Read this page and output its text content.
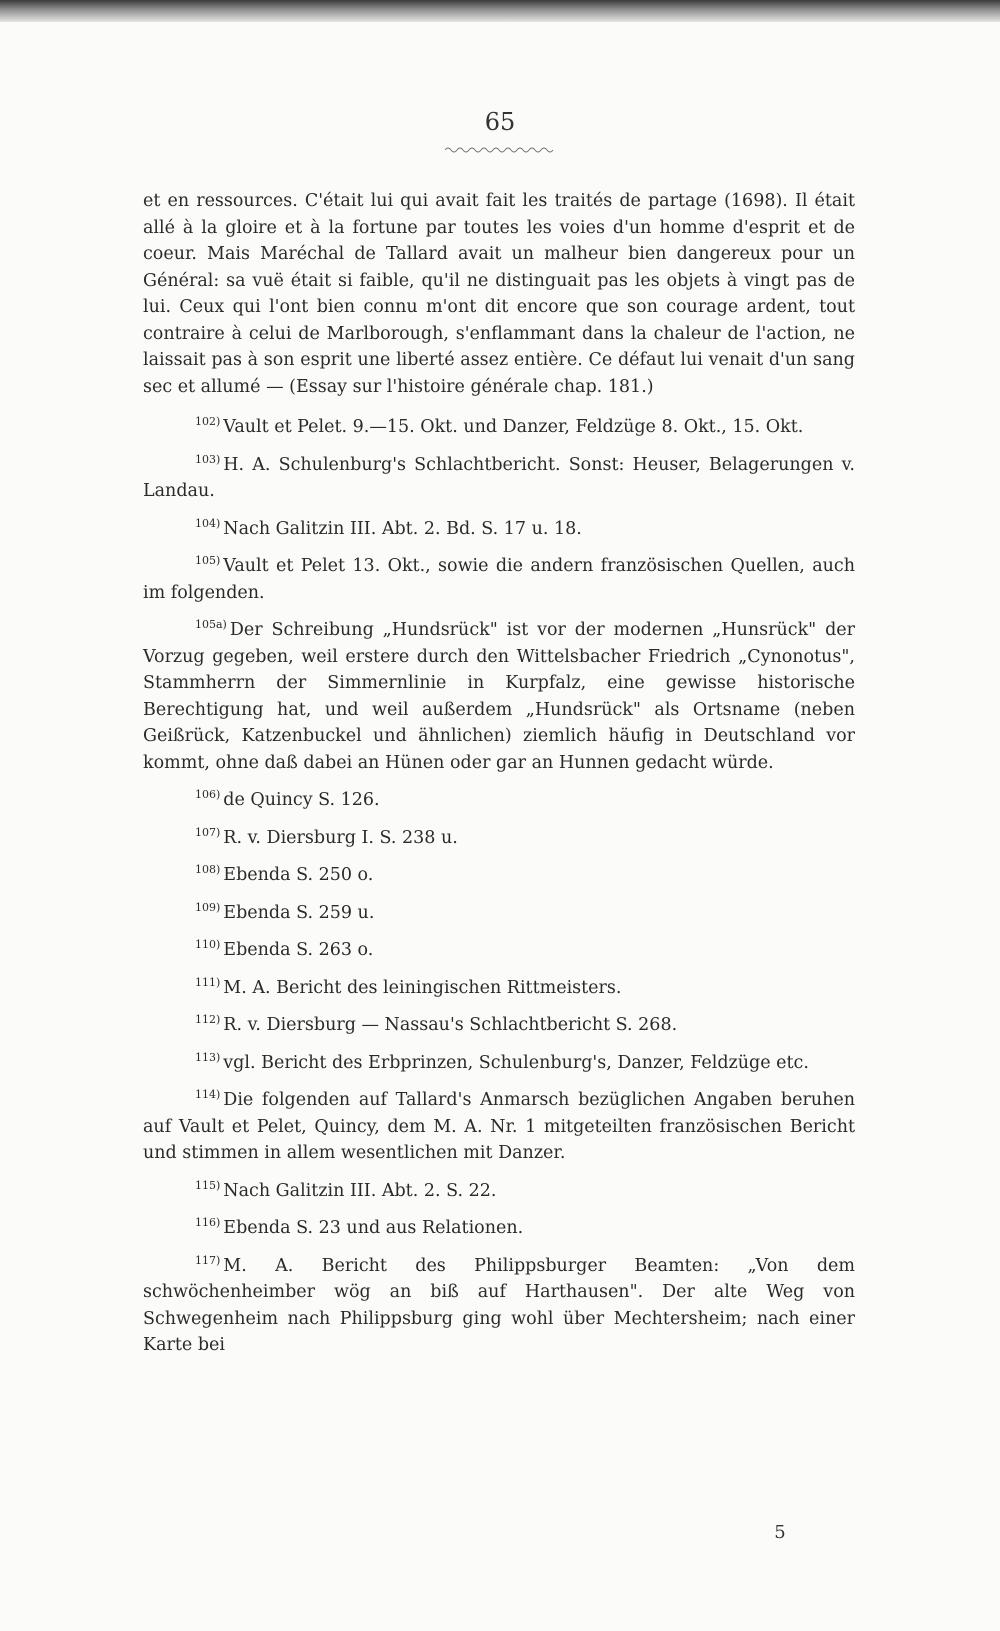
65

et en ressources. C'était lui qui avait fait les traités de partage (1698). Il était allé à la gloire et à la fortune par toutes les voies d'un homme d'esprit et de coeur. Mais Maréchal de Tallard avait un malheur bien dangereux pour un Général: sa vuë était si faible, qu'il ne distinguait pas les objets à vingt pas de lui. Ceux qui l'ont bien connu m'ont dit encore que son courage ardent, tout contraire à celui de Marlborough, s'enflammant dans la chaleur de l'action, ne laissait pas à son esprit une liberté assez entière. Ce défaut lui venait d'un sang sec et allumé — (Essay sur l'histoire générale chap. 181.)

$^{102)}$ Vault et Pelet. 9.—15. Okt. und Danzer, Feldzüge 8. Okt., 15. Okt.

$^{103)}$ H. A. Schulenburg's Schlachtbericht. Sonst: Heuser, Belagerungen v. Landau.

$^{104)}$ Nach Galitzin III. Abt. 2. Bd. S. 17 u. 18.

$^{105)}$ Vault et Pelet 13. Okt., sowie die andern französischen Quellen, auch im folgenden.

$^{105a)}$ Der Schreibung „Hundsrück" ist vor der modernen „Hunsrück" der Vorzug gegeben, weil erstere durch den Wittelsbacher Friedrich „Cynonotus", Stammherrn der Simmernlinie in Kurpfalz, eine gewisse historische Berechtigung hat, und weil außerdem „Hundsrück" als Ortsname (neben Geißrück, Katzenbuckel und ähnlichen) ziemlich häufig in Deutschland vor kommt, ohne daß dabei an Hünen oder gar an Hunnen gedacht würde.

$^{106)}$ de Quincy S. 126.

$^{107)}$ R. v. Diersburg I. S. 238 u.

$^{108)}$ Ebenda S. 250 o.

$^{109)}$ Ebenda S. 259 u.

$^{110)}$ Ebenda S. 263 o.

$^{111)}$ M. A. Bericht des leiningischen Rittmeisters.

$^{112)}$ R. v. Diersburg — Nassau's Schlachtbericht S. 268.

$^{113)}$ vgl. Bericht des Erbprinzen, Schulenburg's, Danzer, Feldzüge etc.

$^{114)}$ Die folgenden auf Tallard's Anmarsch bezüglichen Angaben beruhen auf Vault et Pelet, Quincy, dem M. A. Nr. 1 mitgeteilten französischen Bericht und stimmen in allem wesentlichen mit Danzer.

$^{115)}$ Nach Galitzin III. Abt. 2. S. 22.

$^{116)}$ Ebenda S. 23 und aus Relationen.

$^{117)}$ M. A. Bericht des Philippsburger Beamten: „Von dem schwöchenheimber wög an biß auf Harthausen". Der alte Weg von Schwegenheim nach Philippsburg ging wohl über Mechtersheim; nach einer Karte bei

5
